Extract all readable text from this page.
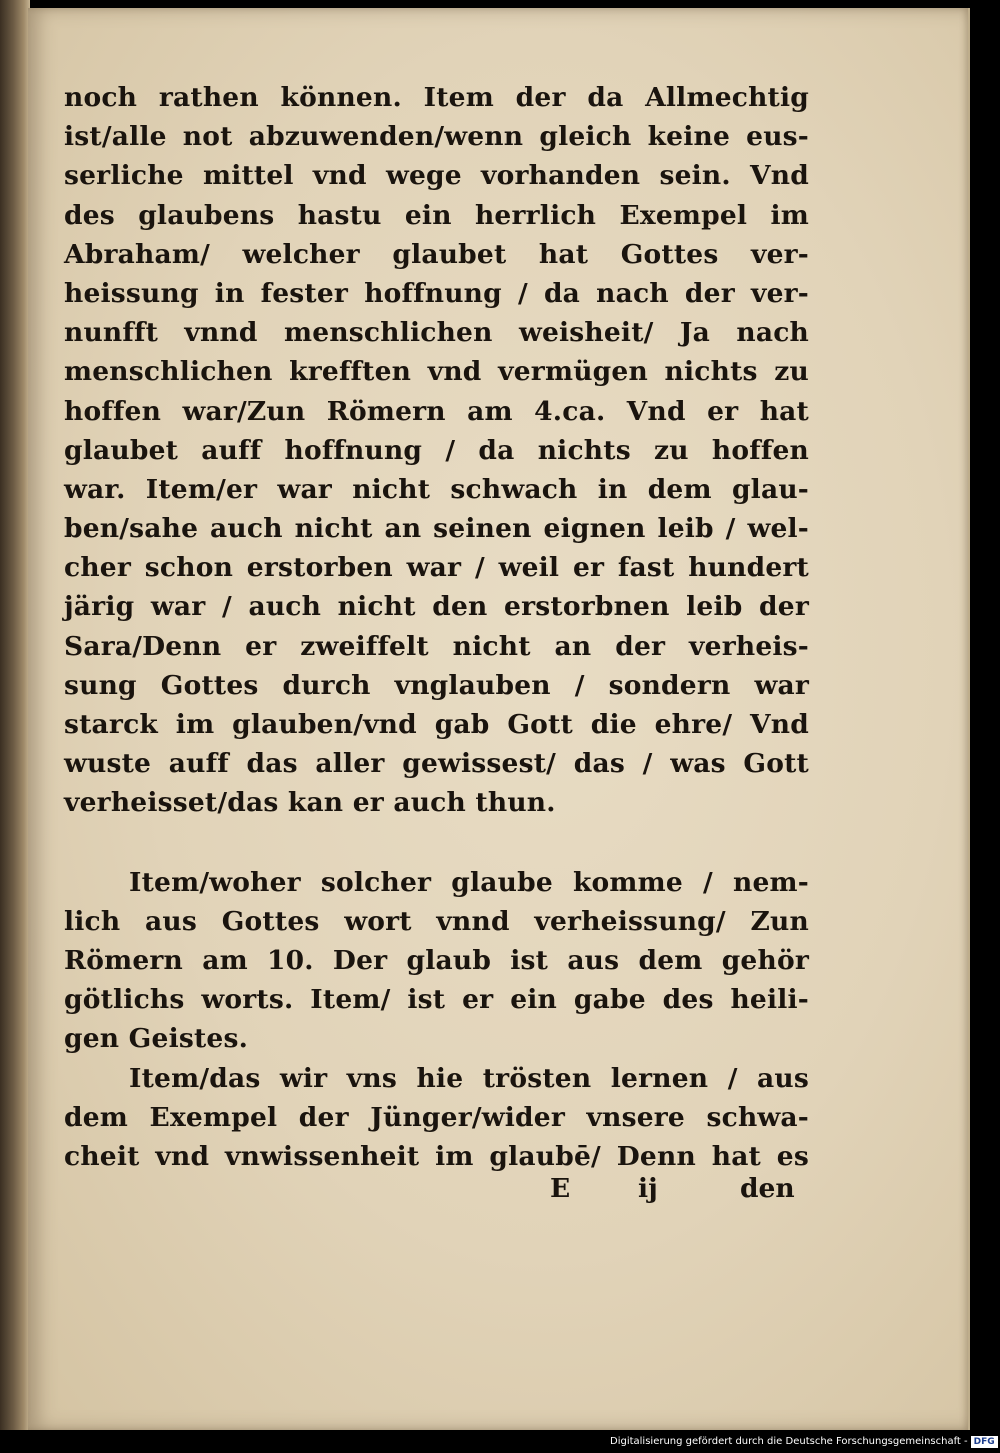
noch rathen können. Item der da Allmechtig
ist/alle not abzuwenden/wenn gleich keine eus-
serliche mittel vnd wege vorhanden sein. Vnd
des glaubens hastu ein herrlich Exempel im
Abraham/ welcher glaubet hat Gottes ver-
heissung in fester hoffnung / da nach der ver-
nunfft vnnd menschlichen weisheit/ Ja nach
menschlichen krefften vnd vermügen nichts zu
hoffen war/Zun Römern am 4.ca. Vnd er hat
glaubet auff hoffnung / da nichts zu hoffen
war. Item/er war nicht schwach in dem glau-
ben/sahe auch nicht an seinen eignen leib / wel-
cher schon erstorben war / weil er fast hundert
järig war / auch nicht den erstorbnen leib der
Sara/Denn er zweiffelt nicht an der verheis-
sung Gottes durch vnglauben / sondern war
starck im glauben/vnd gab Gott die ehre/ Vnd
wuste auff das aller gewissest/ das / was Gott
verheisset/das kan er auch thun.
Item/woher solcher glaube komme / nem-
lich aus Gottes wort vnnd verheissung/ Zun
Römern am 10. Der glaub ist aus dem gehör
götlichs worts. Item/ ist er ein gabe des heili-
gen Geistes.
Item/das wir vns hie trösten lernen / aus
dem Exempel der Jünger/wider vnsere schwa-
cheit vnd vnwissenheit im glaubē/ Denn hat es
E	ij	den
Digitalisierung gefördert durch die Deutsche Forschungsgemeinschaft - DFG
